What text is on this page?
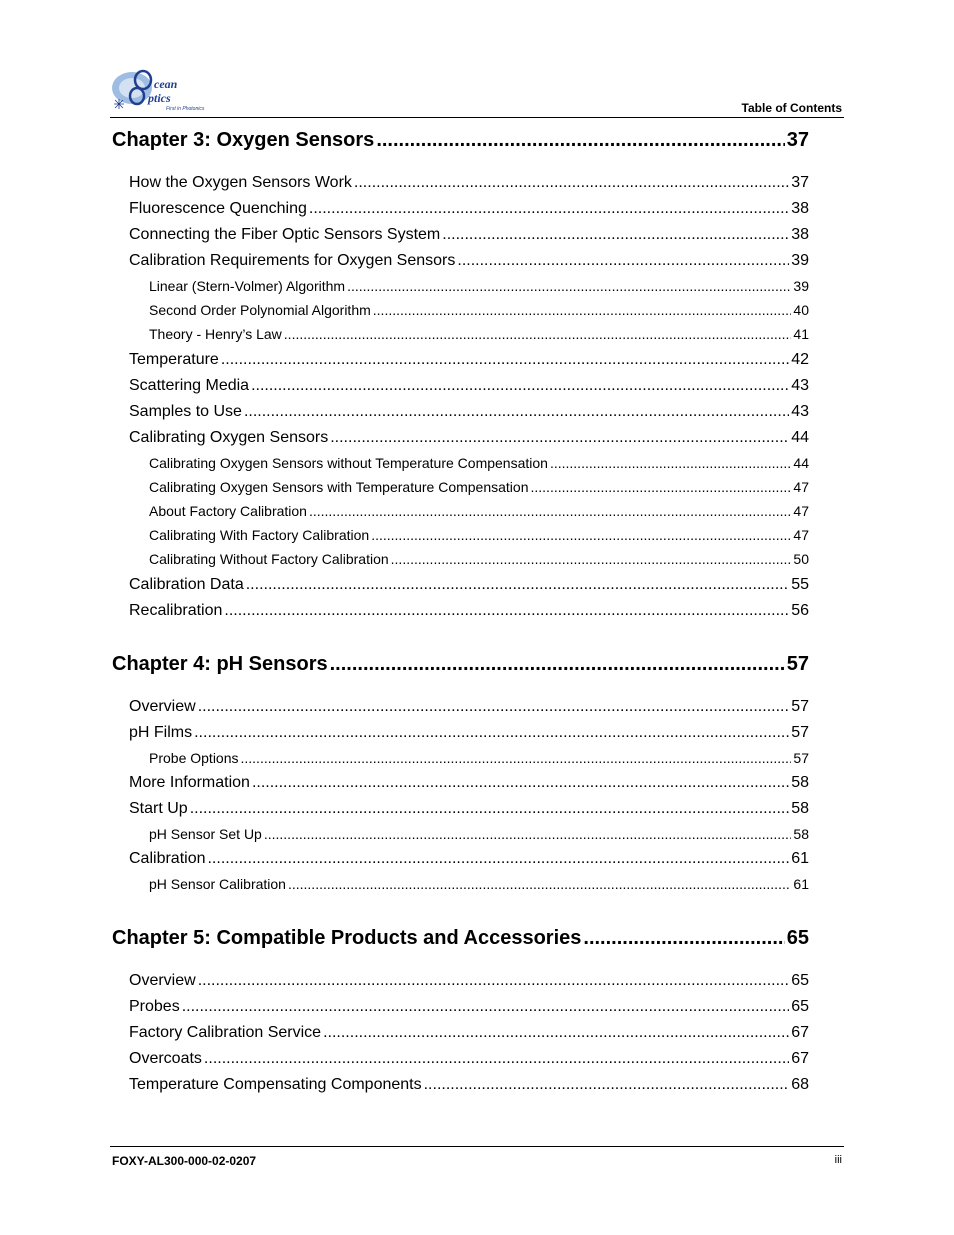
cean
ptics
First in Photonics	Table of Contents
Chapter 3: Oxygen Sensors .....	37
How the Oxygen Sensors Work .....	37
Fluorescence Quenching .....	38
Connecting the Fiber Optic Sensors System .....	38
Calibration Requirements for Oxygen Sensors .....	39
Linear (Stern-Volmer) Algorithm .....	39
Second Order Polynomial Algorithm .....	40
Theory - Henry’s Law .....	41
Temperature .....	42
Scattering Media .....	43
Samples to Use .....	43
Calibrating Oxygen Sensors .....	44
Calibrating Oxygen Sensors without Temperature Compensation .....	44
Calibrating Oxygen Sensors with Temperature Compensation .....	47
About Factory Calibration .....	47
Calibrating With Factory Calibration .....	47
Calibrating Without Factory Calibration .....	50
Calibration Data .....	55
Recalibration .....	56
Chapter 4: pH Sensors .....	57
Overview .....	57
pH Films .....	57
Probe Options .....	57
More Information .....	58
Start Up .....	58
pH Sensor Set Up .....	58
Calibration .....	61
pH Sensor Calibration .....	61
Chapter 5: Compatible Products and Accessories .....	65
Overview .....	65
Probes .....	65
Factory Calibration Service .....	67
Overcoats .....	67
Temperature Compensating Components .....	68
FOXY-AL300-000-02-0207	iii
